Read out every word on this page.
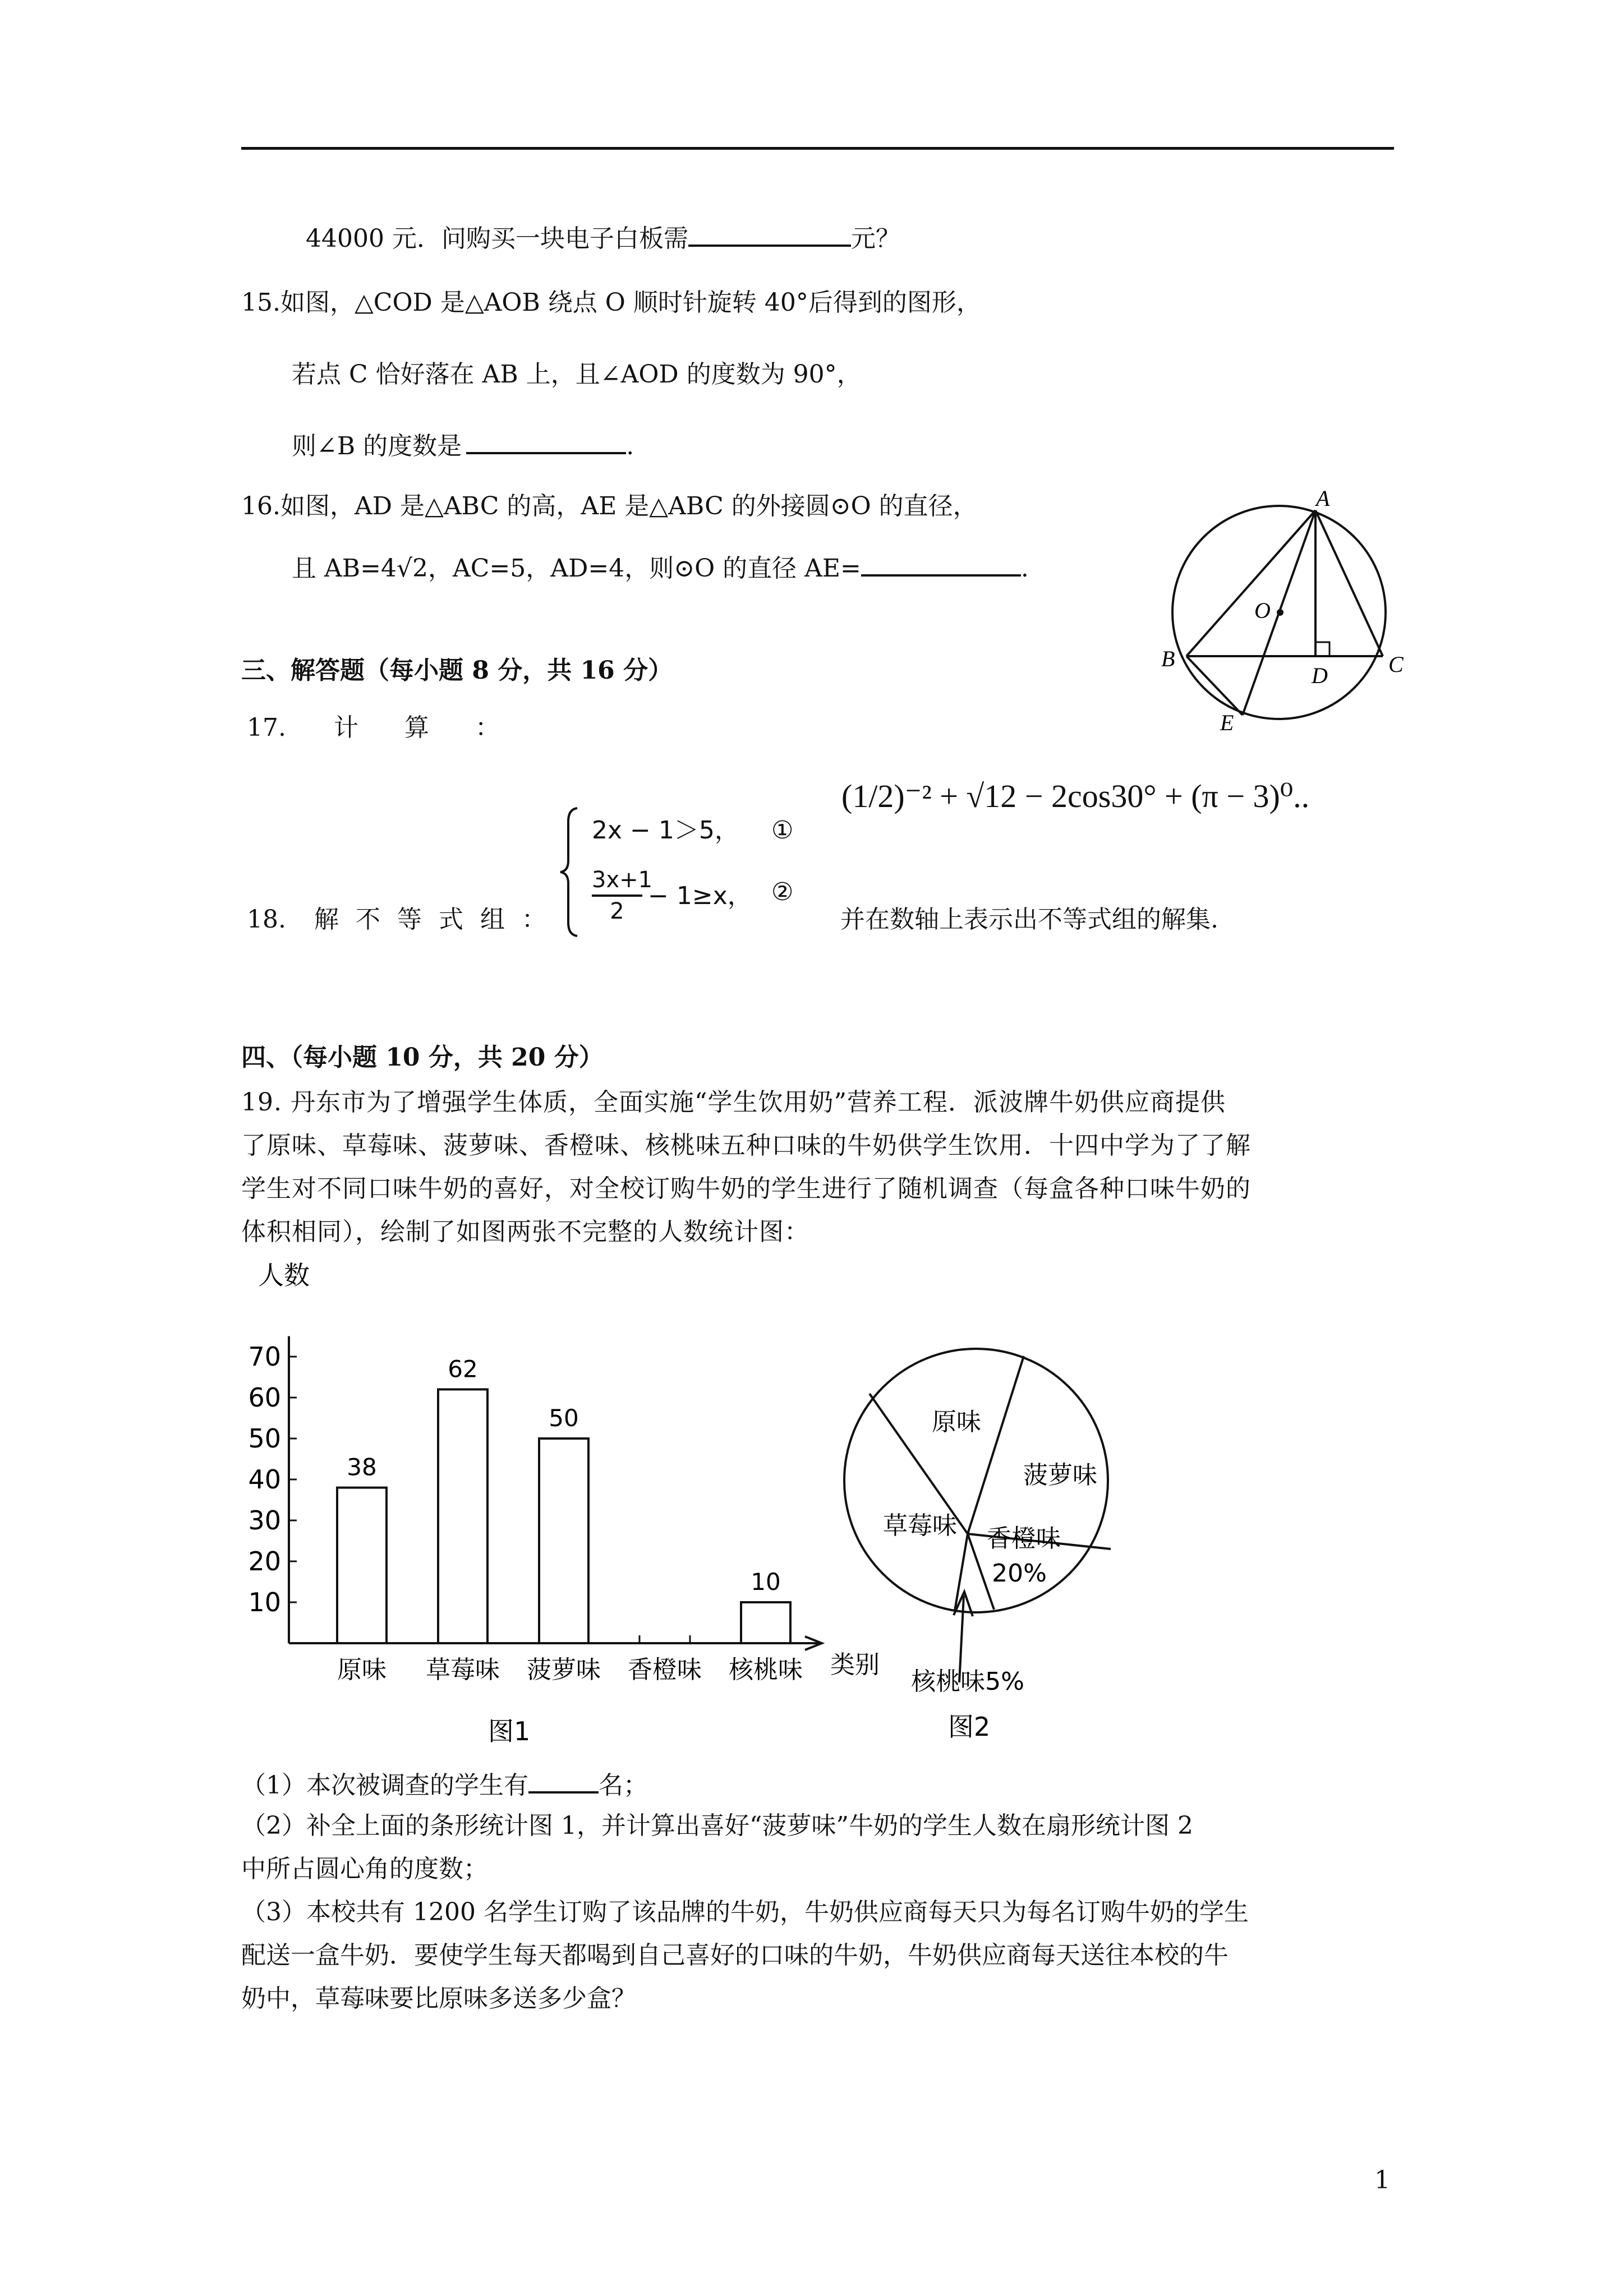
44000 元．问购买一块电子白板需	元？
15.如图，△COD 是△AOB 绕点 O 顺时针旋转 40°后得到的图形，
若点 C 恰好落在 AB 上，且∠AOD 的度数为 90°，
则∠B 的度数是	.
16.如图，AD 是△ABC 的高，AE 是△ABC 的外接圆⊙O 的直径，
且 AB=4√2，AC=5，AD=4，则⊙O 的直径 AE=	.
A
B	C
D
E
O
三、解答题（每小题 8 分，共 16 分）
17. 计 算 ：
(1/2)⁻² + √12 − 2cos30° + (π − 3)⁰..
18. 解 不 等 式 组 ：
2x − 1＞5， ①
3x+1
2
− 1≥x， ②
并在数轴上表示出不等式组的解集.
四、（每小题 10 分，共 20 分）
19. 丹东市为了增强学生体质，全面实施“学生饮用奶”营养工程．派波牌牛奶供应商提供
了原味、草莓味、菠萝味、香橙味、核桃味五种口味的牛奶供学生饮用．十四中学为了了解
学生对不同口味牛奶的喜好，对全校订购牛奶的学生进行了随机调查（每盒各种口味牛奶的
体积相同），绘制了如图两张不完整的人数统计图：
人数
10
20
30
40
50
60
70
38
原味
62
草莓味
50
菠萝味 香橙味
10
核桃味 类别
图1
原味
菠萝味
香橙味
草莓味
20%
核桃味5%
图2
（1）本次被调查的学生有	名；
（2）补全上面的条形统计图 1，并计算出喜好“菠萝味”牛奶的学生人数在扇形统计图 2
中所占圆心角的度数；
（3）本校共有 1200 名学生订购了该品牌的牛奶，牛奶供应商每天只为每名订购牛奶的学生
配送一盒牛奶．要使学生每天都喝到自己喜好的口味的牛奶，牛奶供应商每天送往本校的牛
奶中，草莓味要比原味多送多少盒？
1
